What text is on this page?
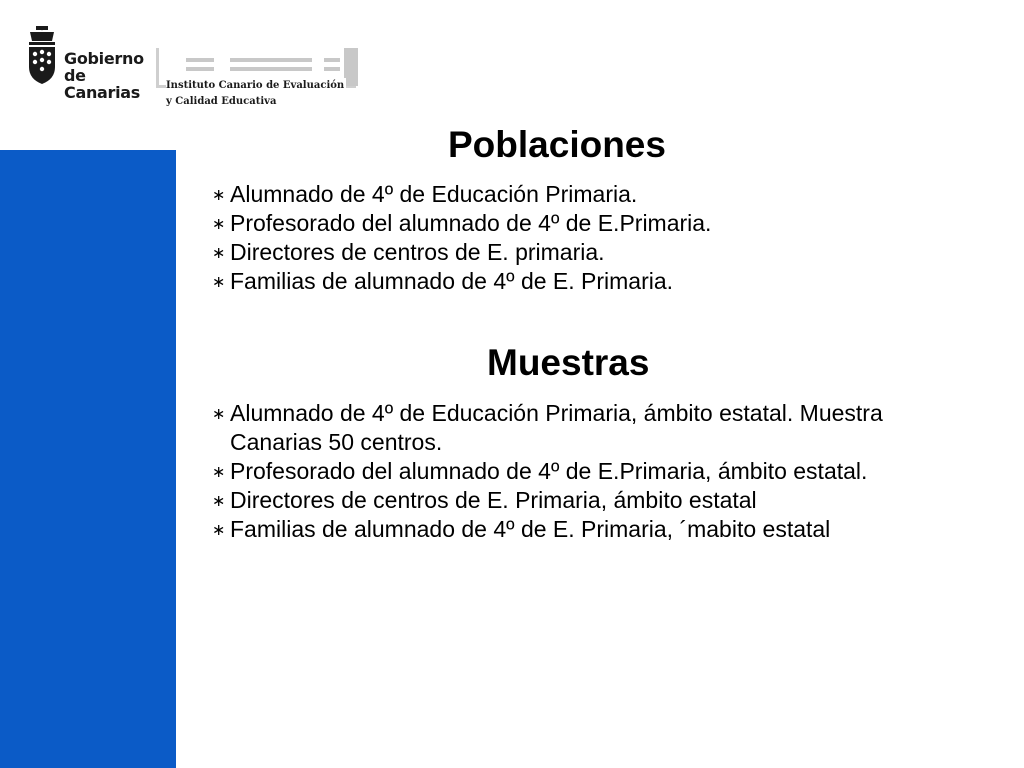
Gobierno
de Canarias	Instituto Canario de Evaluación
y Calidad Educativa
Poblaciones
∗ Alumnado de 4º de Educación Primaria.
∗ Profesorado del alumnado de 4º de E.Primaria.
∗ Directores de centros de E. primaria.
∗ Familias de alumnado de 4º de E. Primaria.
Muestras
∗ Alumnado de 4º de Educación Primaria, ámbito estatal. Muestra Canarias 50 centros.
∗ Profesorado del alumnado de 4º de E.Primaria, ámbito estatal.
∗ Directores de centros de E. Primaria, ámbito estatal
∗ Familias de alumnado de 4º de E. Primaria, ´mabito estatal
